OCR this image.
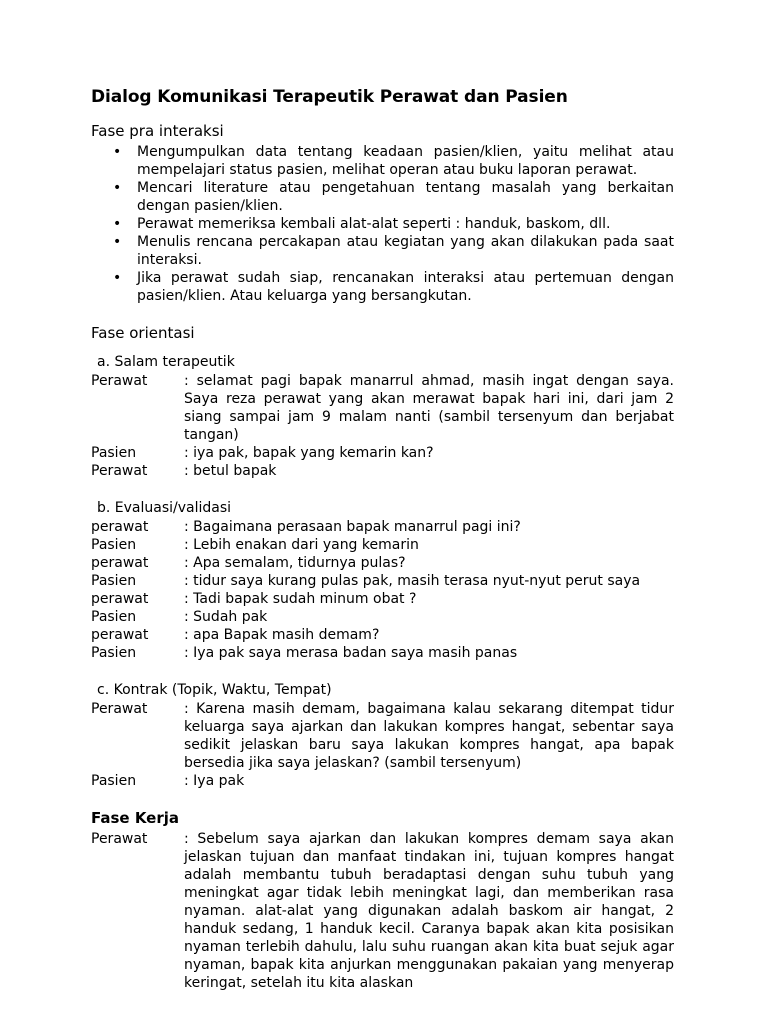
Dialog Komunikasi Terapeutik Perawat dan Pasien
Fase pra interaksi
• Mengumpulkan data tentang keadaan pasien/klien, yaitu melihat atau mempelajari status pasien, melihat operan atau buku laporan perawat.
• Mencari literature atau pengetahuan tentang masalah yang berkaitan dengan pasien/klien.
• Perawat memeriksa kembali alat-alat seperti : handuk, baskom, dll.
• Menulis rencana percakapan atau kegiatan yang akan dilakukan pada saat interaksi.
• Jika perawat sudah siap, rencanakan interaksi atau pertemuan dengan pasien/klien. Atau keluarga yang bersangkutan.
Fase orientasi
a. Salam terapeutik
Perawat	: selamat pagi bapak manarrul ahmad, masih ingat dengan saya. Saya reza perawat yang akan merawat bapak hari ini, dari jam 2 siang sampai jam 9 malam nanti (sambil tersenyum dan berjabat tangan)
Pasien	: iya pak, bapak yang kemarin kan?
Perawat	: betul bapak
b. Evaluasi/validasi
perawat	: Bagaimana perasaan bapak manarrul pagi ini?
Pasien	: Lebih enakan dari yang kemarin
perawat	: Apa semalam, tidurnya pulas?
Pasien	: tidur saya kurang pulas pak, masih terasa nyut-nyut perut saya
perawat	: Tadi bapak sudah minum obat ?
Pasien	: Sudah pak
perawat	: apa Bapak masih demam?
Pasien	: Iya pak saya merasa badan saya masih panas
c. Kontrak (Topik, Waktu, Tempat)
Perawat	: Karena masih demam, bagaimana kalau sekarang ditempat tidur keluarga saya ajarkan dan lakukan kompres hangat, sebentar saya sedikit jelaskan baru saya lakukan kompres hangat, apa bapak bersedia jika saya jelaskan? (sambil tersenyum)
Pasien	: Iya pak
Fase Kerja
Perawat	: Sebelum saya ajarkan dan lakukan kompres demam saya akan jelaskan tujuan dan manfaat tindakan ini, tujuan kompres hangat adalah membantu tubuh beradaptasi dengan suhu tubuh yang meningkat agar tidak lebih meningkat lagi, dan memberikan rasa nyaman. alat-alat yang digunakan adalah baskom air hangat, 2 handuk sedang, 1 handuk kecil. Caranya bapak akan kita posisikan nyaman terlebih dahulu, lalu suhu ruangan akan kita buat sejuk agar nyaman, bapak kita anjurkan menggunakan pakaian yang menyerap keringat, setelah itu kita alaskan
